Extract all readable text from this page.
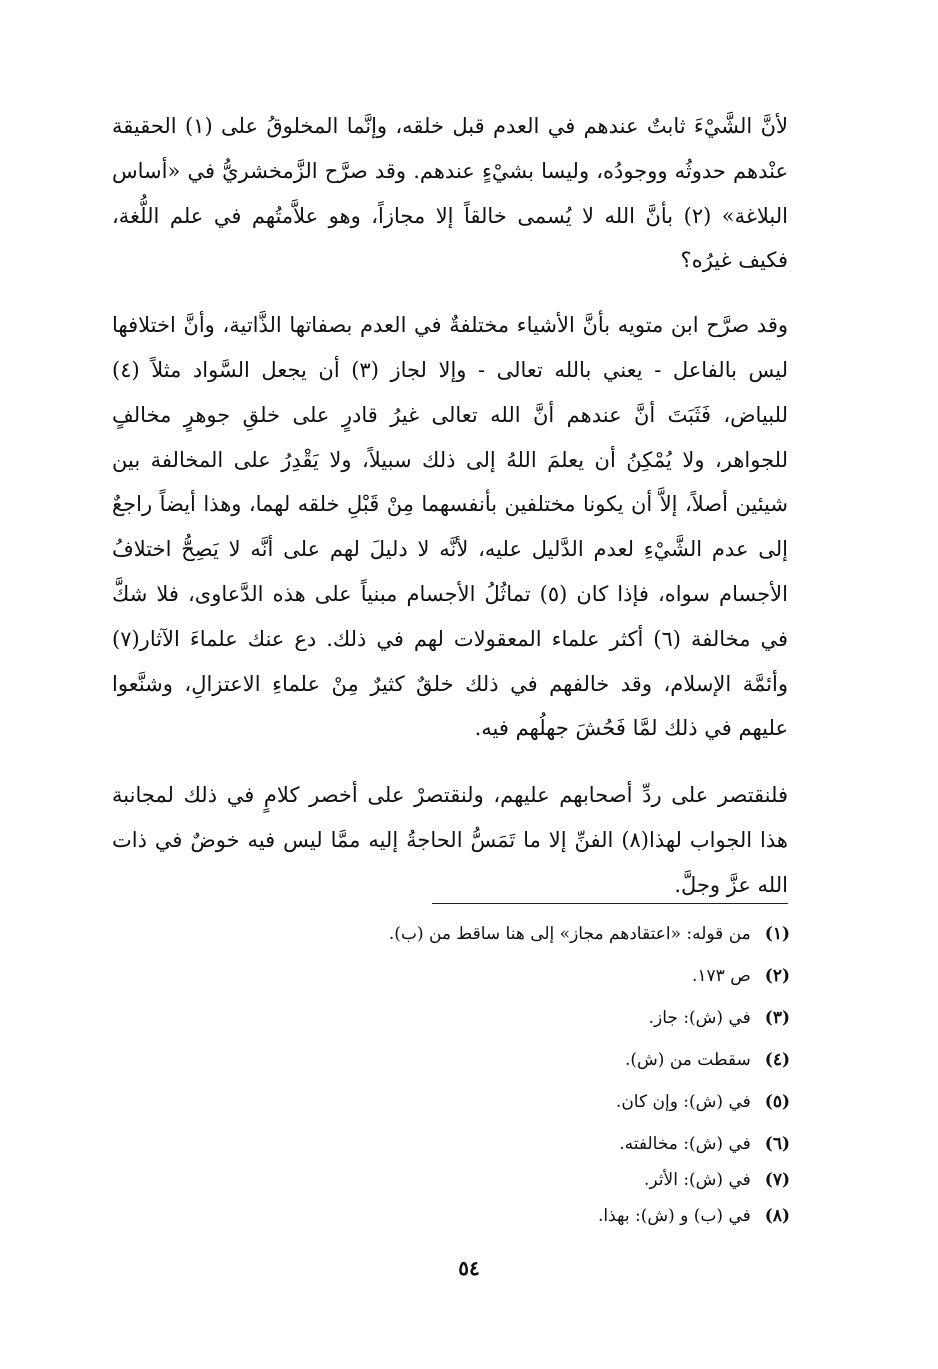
لأنَّ الشَّيْءَ ثابتٌ عندهم في العدم قبل خلقه، وإنَّما المخلوقُ على (١) الحقيقة عنْدهم حدوثُه ووجودُه، وليسا بشيْءٍ عندهم. وقد صرَّح الزَّمخشريُّ في «أساس البلاغة» (٢) بأنَّ الله لا يُسمى خالقاً إلا مجازاً، وهو علاَّمتُهم في علم اللُّغة، فكيف غيرُه؟

وقد صرَّح ابن متويه بأنَّ الأشياء مختلفةٌ في العدم بصفاتها الذَّاتية، وأنَّ اختلافها ليس بالفاعل - يعني بالله تعالى - وإلا لجاز (٣) أن يجعل السَّواد مثلاً (٤) للبياض، فَثَبَتَ أنَّ عندهم أنَّ الله تعالى غيرُ قادرٍ على خلقِ جوهرٍ مخالفٍ للجواهر، ولا يُمْكِنُ أن يعلمَ اللهُ إلى ذلك سبيلاً، ولا يَقْدِرُ على المخالفة بين شيئين أصلاً، إلاَّ أن يكونا مختلفين بأنفسهما مِنْ قَبْلِ خلقه لهما، وهذا أيضاً راجعٌ إلى عدم الشَّيْءِ لعدم الدَّليل عليه، لأنَّه لا دليلَ لهم على أنَّه لا يَصِحُّ اختلافُ الأجسام سواه، فإذا كان (٥) تماثُلُ الأجسام مبنياً على هذه الدَّعاوى، فلا شكَّ في مخالفة (٦) أكثر علماء المعقولات لهم في ذلك. دع عنك علماءَ الآثار(٧) وأئمَّة الإسلام، وقد خالفهم في ذلك خلقٌ كثيرٌ مِنْ علماءِ الاعتزالِ، وشنَّعوا عليهم في ذلك لمَّا فَحُشَ جهلُهم فيه.

فلنقتصر على ردِّ أصحابهم عليهم، ولنقتصرْ على أخصر كلامٍ في ذلك لمجانبة هذا الجواب لهذا(٨) الفنِّ إلا ما تَمَسُّ الحاجةُ إليه ممَّا ليس فيه خوضٌ في ذات الله عزَّ وجلَّ.

(١)
من قوله: «اعتقادهم مجاز» إلى هنا ساقط من (ب).
(٢)
ص ١٧٣.
(٣)
في (ش): جاز.
(٤)
سقطت من (ش).
(٥)
في (ش): وإن كان.
(٦)
في (ش): مخالفته.
(٧)
في (ش): الأثر.
(٨)
في (ب) و (ش): بهذا.
٥٤
